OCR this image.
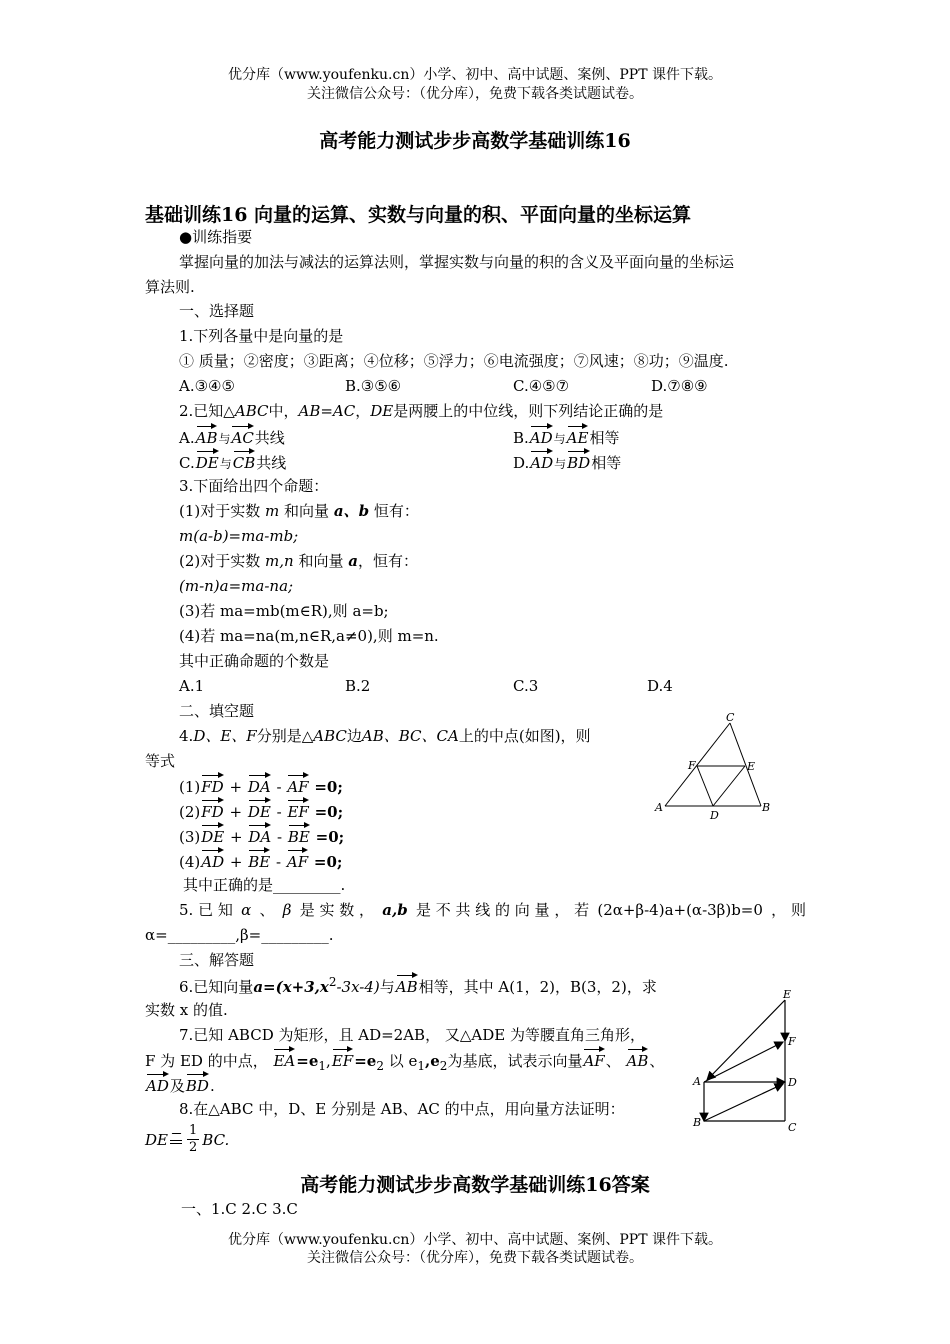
优分库（www.youfenku.cn）小学、初中、高中试题、案例、PPT 课件下载。
关注微信公众号：（优分库），免费下载各类试题试卷。
高考能力测试步步高数学基础训练16
基础训练16 向量的运算、实数与向量的积、平面向量的坐标运算
●训练指要
掌握向量的加法与减法的运算法则，掌握实数与向量的积的含义及平面向量的坐标运
算法则.
一、选择题
1.下列各量中是向量的是
① 质量；②密度；③距离；④位移；⑤浮力；⑥电流强度；⑦风速；⑧功；⑨温度.
A.③④⑤	B.③⑤⑥	C.④⑤⑦	D.⑦⑧⑨
2.已知△ABC中，AB=AC，DE是两腰上的中位线，则下列结论正确的是
A.AB与AC共线	B.AD与AE相等
C.DE与CB共线	D.AD与BD相等
3.下面给出四个命题：
(1)对于实数 m 和向量 a、b 恒有：
m(a-b)=ma-mb;
(2)对于实数 m,n 和向量 a，恒有：
(m-n)a=ma-na;
(3)若 ma=mb(m∈R),则 a=b;
(4)若 ma=na(m,n∈R,a≠0),则 m=n.
其中正确命题的个数是
A.1	B.2	C.3	D.4
二、填空题
4.D、E、F分别是△ABC边AB、BC、CA上的中点(如图)，则
等式
(1)FD + DA - AF =0;
(2)FD + DE - EF =0;
(3)DE + DA - BE =0;
(4)AD + BE - AF =0;
其中正确的是_________.
C
A	B
F	E
D
5. 已 知 α 、 β 是 实 数 ， a,b 是 不 共 线 的 向 量 ， 若 (2α+β-4)a+(α-3β)b=0 ， 则
α=_________,β=_________.
三、解答题
6.已知向量$a=(x+3,x^2-3x-4)$与AB相等，其中 A(1，2)，B(3，2)，求
实数 x 的值.
7.已知 ABCD 为矩形，且 AD=2AB， 又△ADE 为等腰直角三角形，
F 为 ED 的中点， $EA=e_1,EF=e_2$ 以 $e_1,e_2$为基底，试表示向量AF、 AB、
AD及BD.
E
F
A	D
B	C
8.在△ABC 中，D、E 分别是 AB、AC 的中点，用向量方法证明：
DE 1
2 BC.
高考能力测试步步高数学基础训练16答案
一、1.C 2.C 3.C
优分库（www.youfenku.cn）小学、初中、高中试题、案例、PPT 课件下载。
关注微信公众号：（优分库），免费下载各类试题试卷。
